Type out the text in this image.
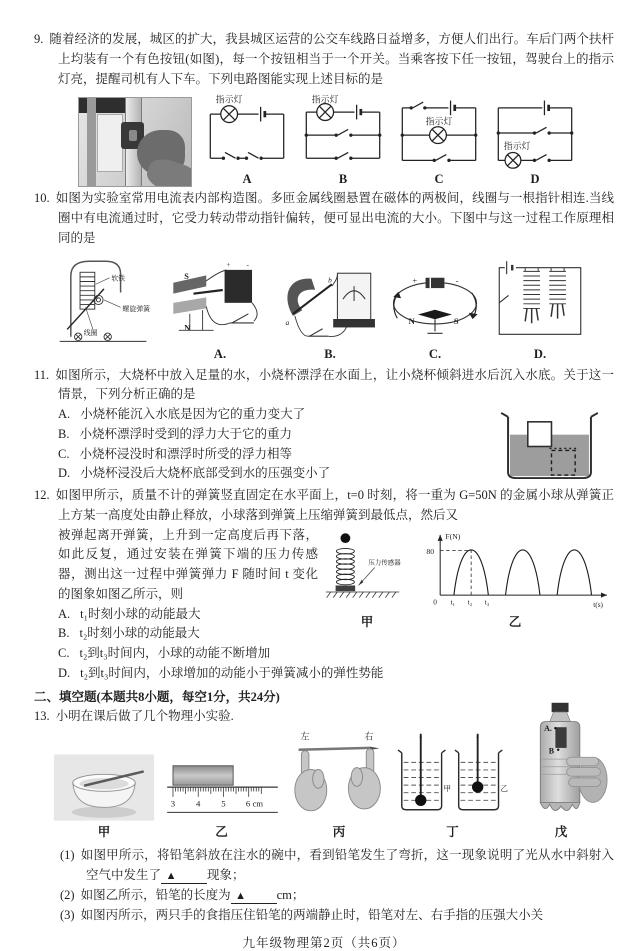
9. 随着经济的发展，城区的扩大，我县城区运营的公交车线路日益增多，方便人们出行。车后门两个扶杆上均装有一个有色按钮(如图)，每一个按钮相当于一个开关。当乘客按下任一按钮，驾驶台上的指示灯亮，提醒司机有人下车。下列电路图能实现上述目标的是
指示灯
A
指示灯
B
指示灯
C
指示灯
D
10. 如图为实验室常用电流表内部构造图。多匝金属线圈悬置在磁体的两极间，线圈与一根指针相连.当线圈中有电流通过时，它受力转动带动指针偏转，便可显出电流的大小。下图中与这一过程工作原理相同的是
软铁
螺旋弹簧
线圈

S
N
+ -
A.
b
a
B.
+	-
N	S
C.	D.
11. 如图所示，大烧杯中放入足量的水，小烧杯漂浮在水面上，让小烧杯倾斜进水后沉入水底。关于这一情景，下列分析正确的是
A. 小烧杯能沉入水底是因为它的重力变大了
B. 小烧杯漂浮时受到的浮力大于它的重力
C. 小烧杯浸没时和漂浮时所受的浮力相等
D. 小烧杯浸没后大烧杯底部受到水的压强变小了
12. 如图甲所示，质量不计的弹簧竖直固定在水平面上，t=0 时刻，将一重为 G=50N 的金属小球从弹簧正上方某一高度处由静止释放，小球落到弹簧上压缩弹簧到最低点，然后又
压力传感器
甲
F(N)
80
0 t₁ t₂ t₃	t(s)
乙
被弹起离开弹簧，上升到一定高度后再下落，如此反复，通过安装在弹簧下端的压力传感器，测出这一过程中弹簧弹力 F 随时间 t 变化的图象如图乙所示，则
A. t₁时刻小球的动能最大
B. t₂时刻小球的动能最大
C. t₂到t₃时间内，小球的动能不断增加
D. t₂到t₃时间内，小球增加的动能小于弹簧减小的弹性势能
二、填空题(本题共8小题，每空1分，共24分)
13. 小明在课后做了几个物理小实验.
甲
3 4 5 6 cm
乙
左	右
丙
甲	乙
丁
A.
B
戊
(1) 如图甲所示，将铅笔斜放在注水的碗中，看到铅笔发生了弯折，这一现象说明了光从水中斜射入空气中发生了 ▲ 现象；
(2) 如图乙所示，铅笔的长度为 ▲ cm；
(3) 如图丙所示，两只手的食指压住铅笔的两端静止时，铅笔对左、右手指的压强大小关
九年级物理第2页（共6页）
